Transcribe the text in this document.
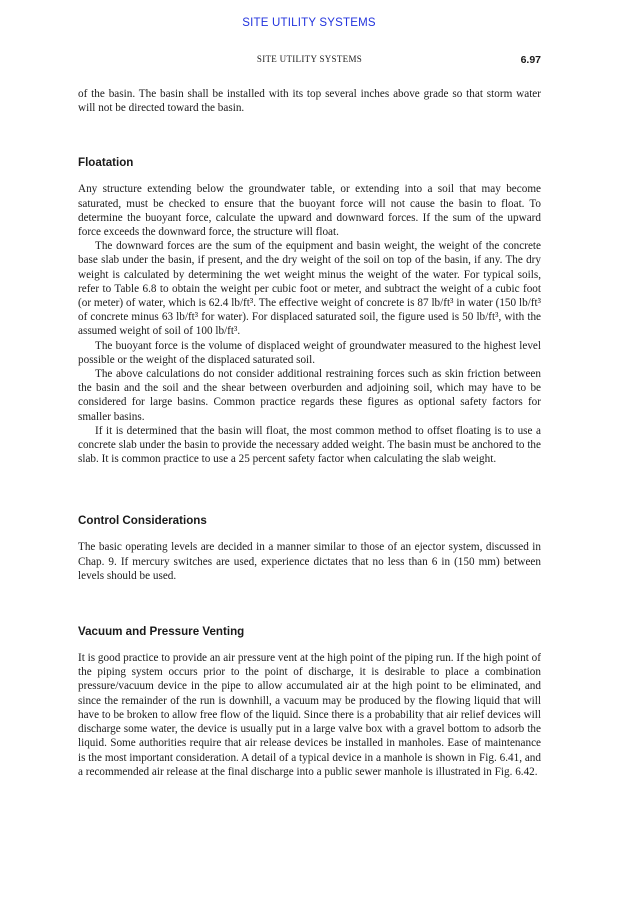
SITE UTILITY SYSTEMS
SITE UTILITY SYSTEMS	6.97

of the basin. The basin shall be installed with its top several inches above grade so that storm water will not be directed toward the basin.

Floatation

Any structure extending below the groundwater table, or extending into a soil that may become saturated, must be checked to ensure that the buoyant force will not cause the basin to float. To determine the buoyant force, calculate the upward and downward forces. If the sum of the upward force exceeds the downward force, the structure will float.

The downward forces are the sum of the equipment and basin weight, the weight of the concrete base slab under the basin, if present, and the dry weight of the soil on top of the basin, if any. The dry weight is calculated by determining the wet weight minus the weight of the water. For typical soils, refer to Table 6.8 to obtain the weight per cubic foot or meter, and subtract the weight of a cubic foot (or meter) of water, which is 62.4 lb/ft³. The effective weight of concrete is 87 lb/ft³ in water (150 lb/ft³ of concrete minus 63 lb/ft³ for water). For displaced saturated soil, the figure used is 50 lb/ft³, with the assumed weight of soil of 100 lb/ft³.

The buoyant force is the volume of displaced weight of groundwater measured to the highest level possible or the weight of the displaced saturated soil.

The above calculations do not consider additional restraining forces such as skin friction between the basin and the soil and the shear between overburden and adjoining soil, which may have to be considered for large basins. Common practice regards these figures as optional safety factors for smaller basins.

If it is determined that the basin will float, the most common method to offset floating is to use a concrete slab under the basin to provide the necessary added weight. The basin must be anchored to the slab. It is common practice to use a 25 percent safety factor when calculating the slab weight.

Control Considerations

The basic operating levels are decided in a manner similar to those of an ejector system, discussed in Chap. 9. If mercury switches are used, experience dictates that no less than 6 in (150 mm) between levels should be used.

Vacuum and Pressure Venting

It is good practice to provide an air pressure vent at the high point of the piping run. If the high point of the piping system occurs prior to the point of discharge, it is desirable to place a combination pressure/vacuum device in the pipe to allow accumulated air at the high point to be eliminated, and since the remainder of the run is downhill, a vacuum may be produced by the flowing liquid that will have to be broken to allow free flow of the liquid. Since there is a probability that air relief devices will discharge some water, the device is usually put in a large valve box with a gravel bottom to adsorb the liquid. Some authorities require that air release devices be installed in manholes. Ease of maintenance is the most important consideration. A detail of a typical device in a manhole is shown in Fig. 6.41, and a recommended air release at the final discharge into a public sewer manhole is illustrated in Fig. 6.42.
